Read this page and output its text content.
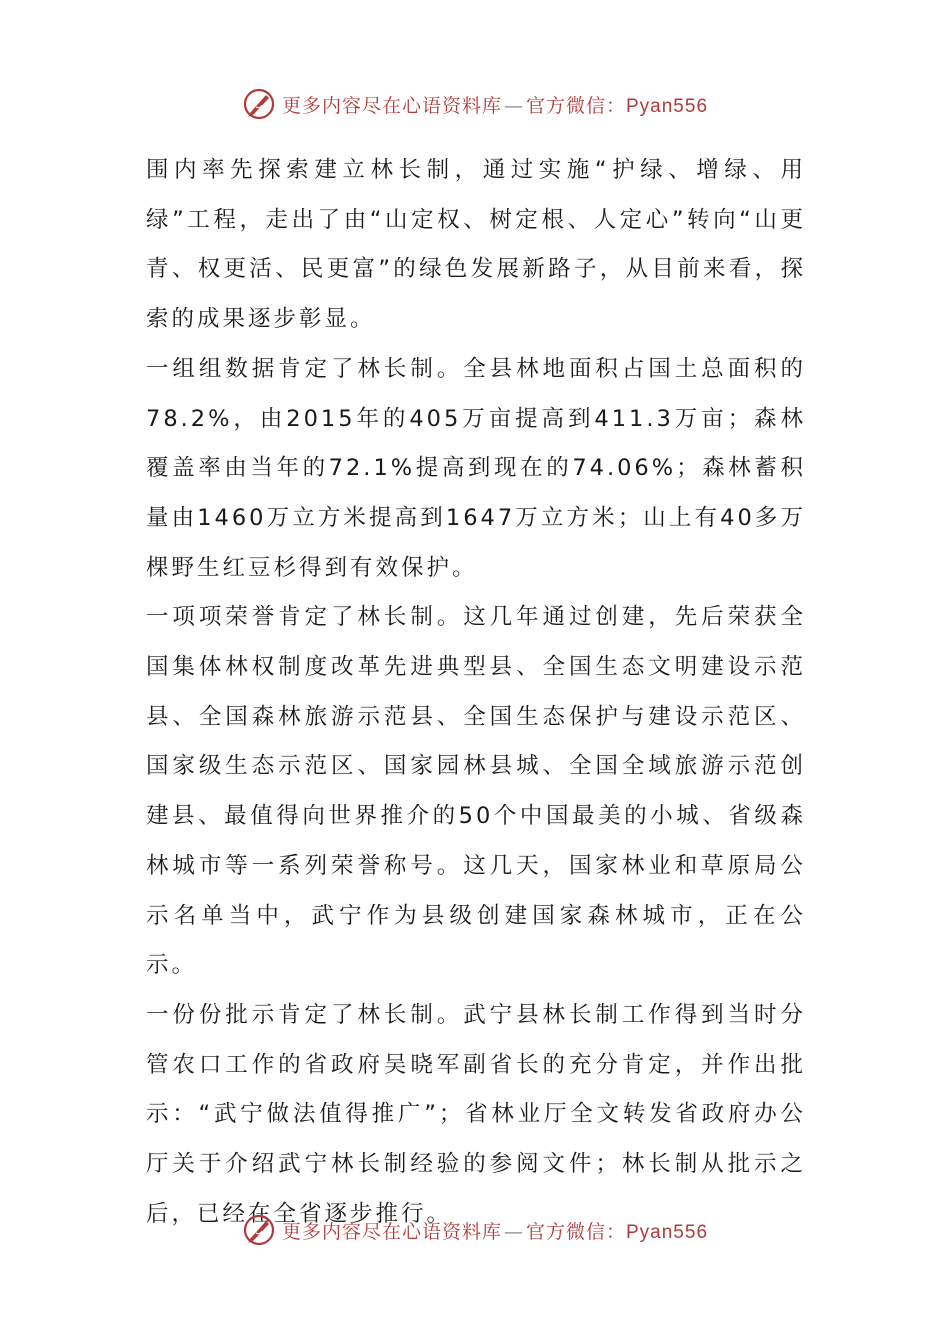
更多内容尽在心语资料库 — 官方微信：Pyan556

围内率先探索建立林长制，通过实施“护绿、增绿、用绿”工程，走出了由“山定权、树定根、人定心”转向“山更青、权更活、民更富”的绿色发展新路子，从目前来看，探索的成果逐步彰显。

一组组数据肯定了林长制。全县林地面积占国土总面积的78.2%，由2015年的405万亩提高到411.3万亩；森林覆盖率由当年的72.1%提高到现在的74.06%；森林蓄积量由1460万立方米提高到1647万立方米；山上有40多万棵野生红豆杉得到有效保护。

一项项荣誉肯定了林长制。这几年通过创建，先后荣获全国集体林权制度改革先进典型县、全国生态文明建设示范县、全国森林旅游示范县、全国生态保护与建设示范区、国家级生态示范区、国家园林县城、全国全域旅游示范创建县、最值得向世界推介的50个中国最美的小城、省级森林城市等一系列荣誉称号。这几天，国家林业和草原局公示名单当中，武宁作为县级创建国家森林城市，正在公示。

一份份批示肯定了林长制。武宁县林长制工作得到当时分管农口工作的省政府吴晓军副省长的充分肯定，并作出批示：“武宁做法值得推广”；省林业厅全文转发省政府办公厅关于介绍武宁林长制经验的参阅文件；林长制从批示之后，已经在全省逐步推行。

更多内容尽在心语资料库 — 官方微信：Pyan556
